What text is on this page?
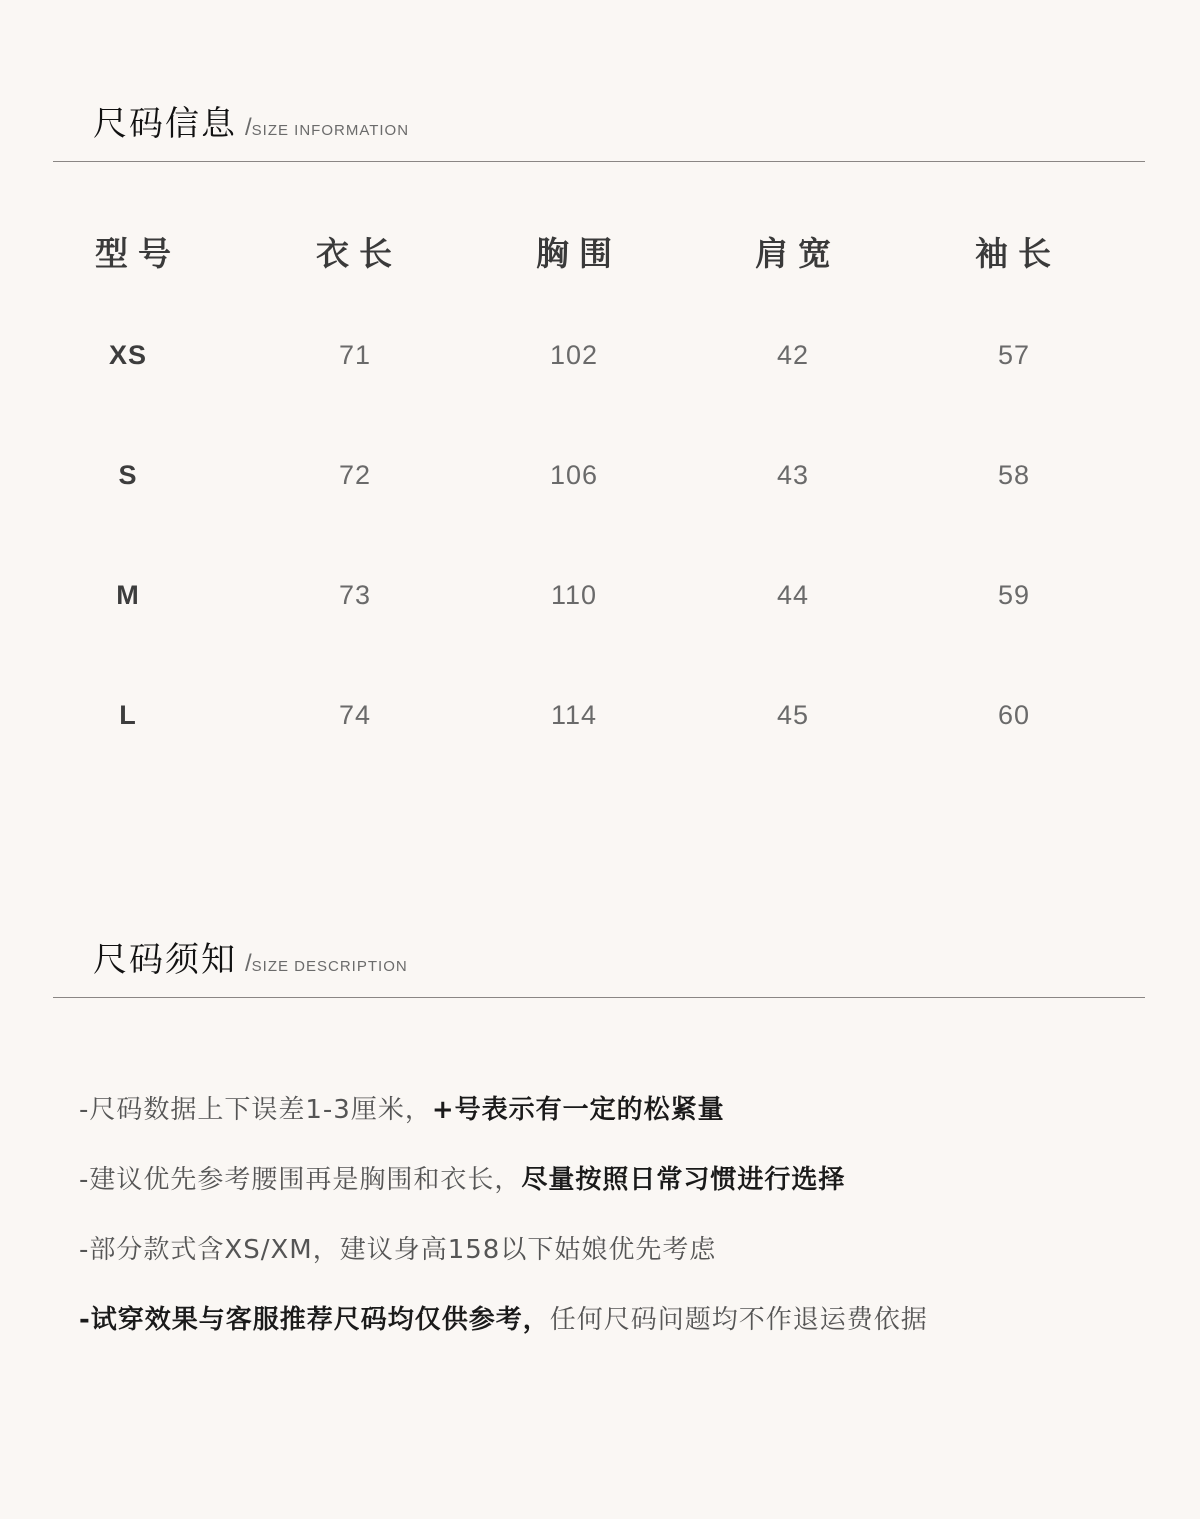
尺码信息 / SIZE INFORMATION
型号	衣长	胸围	肩宽	袖长
XS	71	102	42	57
S	72	106	43	58
M	73	110	44	59
L	74	114	45	60
尺码须知 / SIZE DESCRIPTION
-尺码数据上下误差1-3厘米，+号表示有一定的松紧量
-建议优先参考腰围再是胸围和衣长，尽量按照日常习惯进行选择
-部分款式含XS/XM，建议身高158以下姑娘优先考虑
-试穿效果与客服推荐尺码均仅供参考，任何尺码问题均不作退运费依据
